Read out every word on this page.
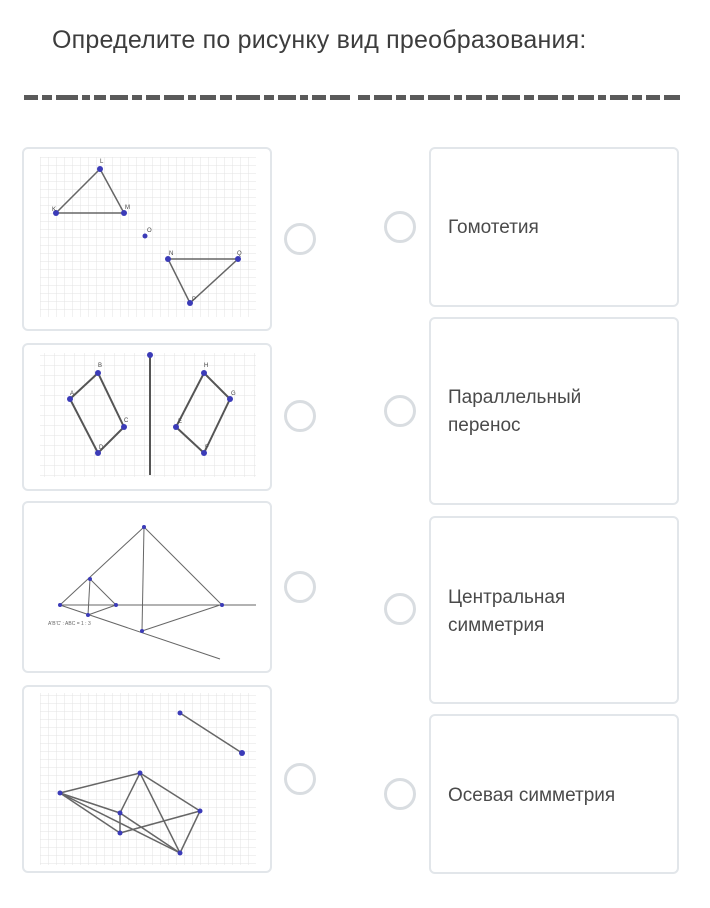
Определите по рисунку вид преобразования:
L
K	M
O
N	Q
P
B
A
C
D
H
E
F
G
A'B'C' : ABC = 1 : 3
Гомотетия
Параллельный
перенос
Центральная
симметрия
Осевая симметрия
